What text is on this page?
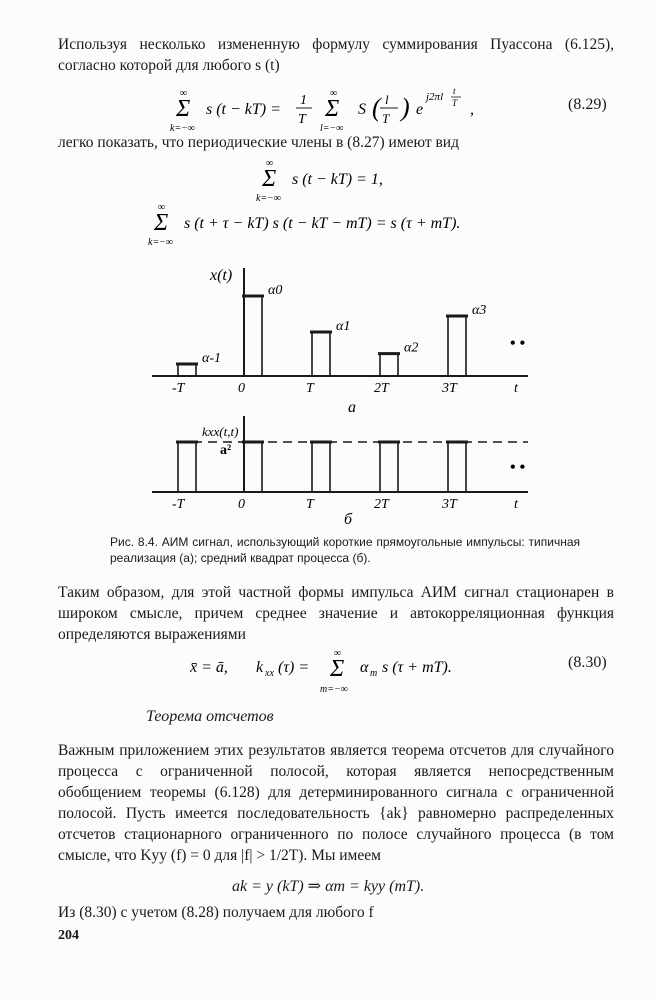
Используя несколько измененную формулу суммирования Пуассона (6.125), согласно которой для любого s (t)
∞
Σ
k=−∞
s (t − kT) =
1
T
∞
Σ
l=−∞
S ( l
T ) e
j2πl t
T ,	(8.29)
легко показать, что периодические члены в (8.27) имеют вид
∞
Σ
k=−∞
s (t − kT) = 1,
∞
Σ
k=−∞
s (t + τ − kT) s (t − kT − mT) = s (τ + mT).
x(t)
• •
а
α-1
α0
α1
α2
α3
-T	0	T	2T	3T	t
kxx(t,t)
a²
• •
б
-T	0	T	2T	3T	t
Рис. 8.4. АИМ сигнал, использующий короткие прямоугольные импульсы: типичная реализация (a); средний квадрат процесса (б).
Таким образом, для этой частной формы импульса АИМ сигнал стационарен в широком смысле, причем среднее значение и автокорреляционная функция определяются выражениями
x̄ = ā, k xx (τ) =
∞
Σ
m=−∞
α m s (τ + mT).	(8.30)
Теорема отсчетов
Важным приложением этих результатов является теорема отсчетов для случайного процесса с ограниченной полосой, которая является непосредственным обобщением теоремы (6.128) для детерминированного сигнала с ограниченной полосой. Пусть имеется последовательность {ak} равномерно распределенных отсчетов стационарного ограниченного по полосе случайного процесса (в том смысле, что Kyy (f) = 0 для |f| > 1/2T). Мы имеем
ak = y (kT) ⇒ αm = kyy (mT).
Из (8.30) с учетом (8.28) получаем для любого f
204
